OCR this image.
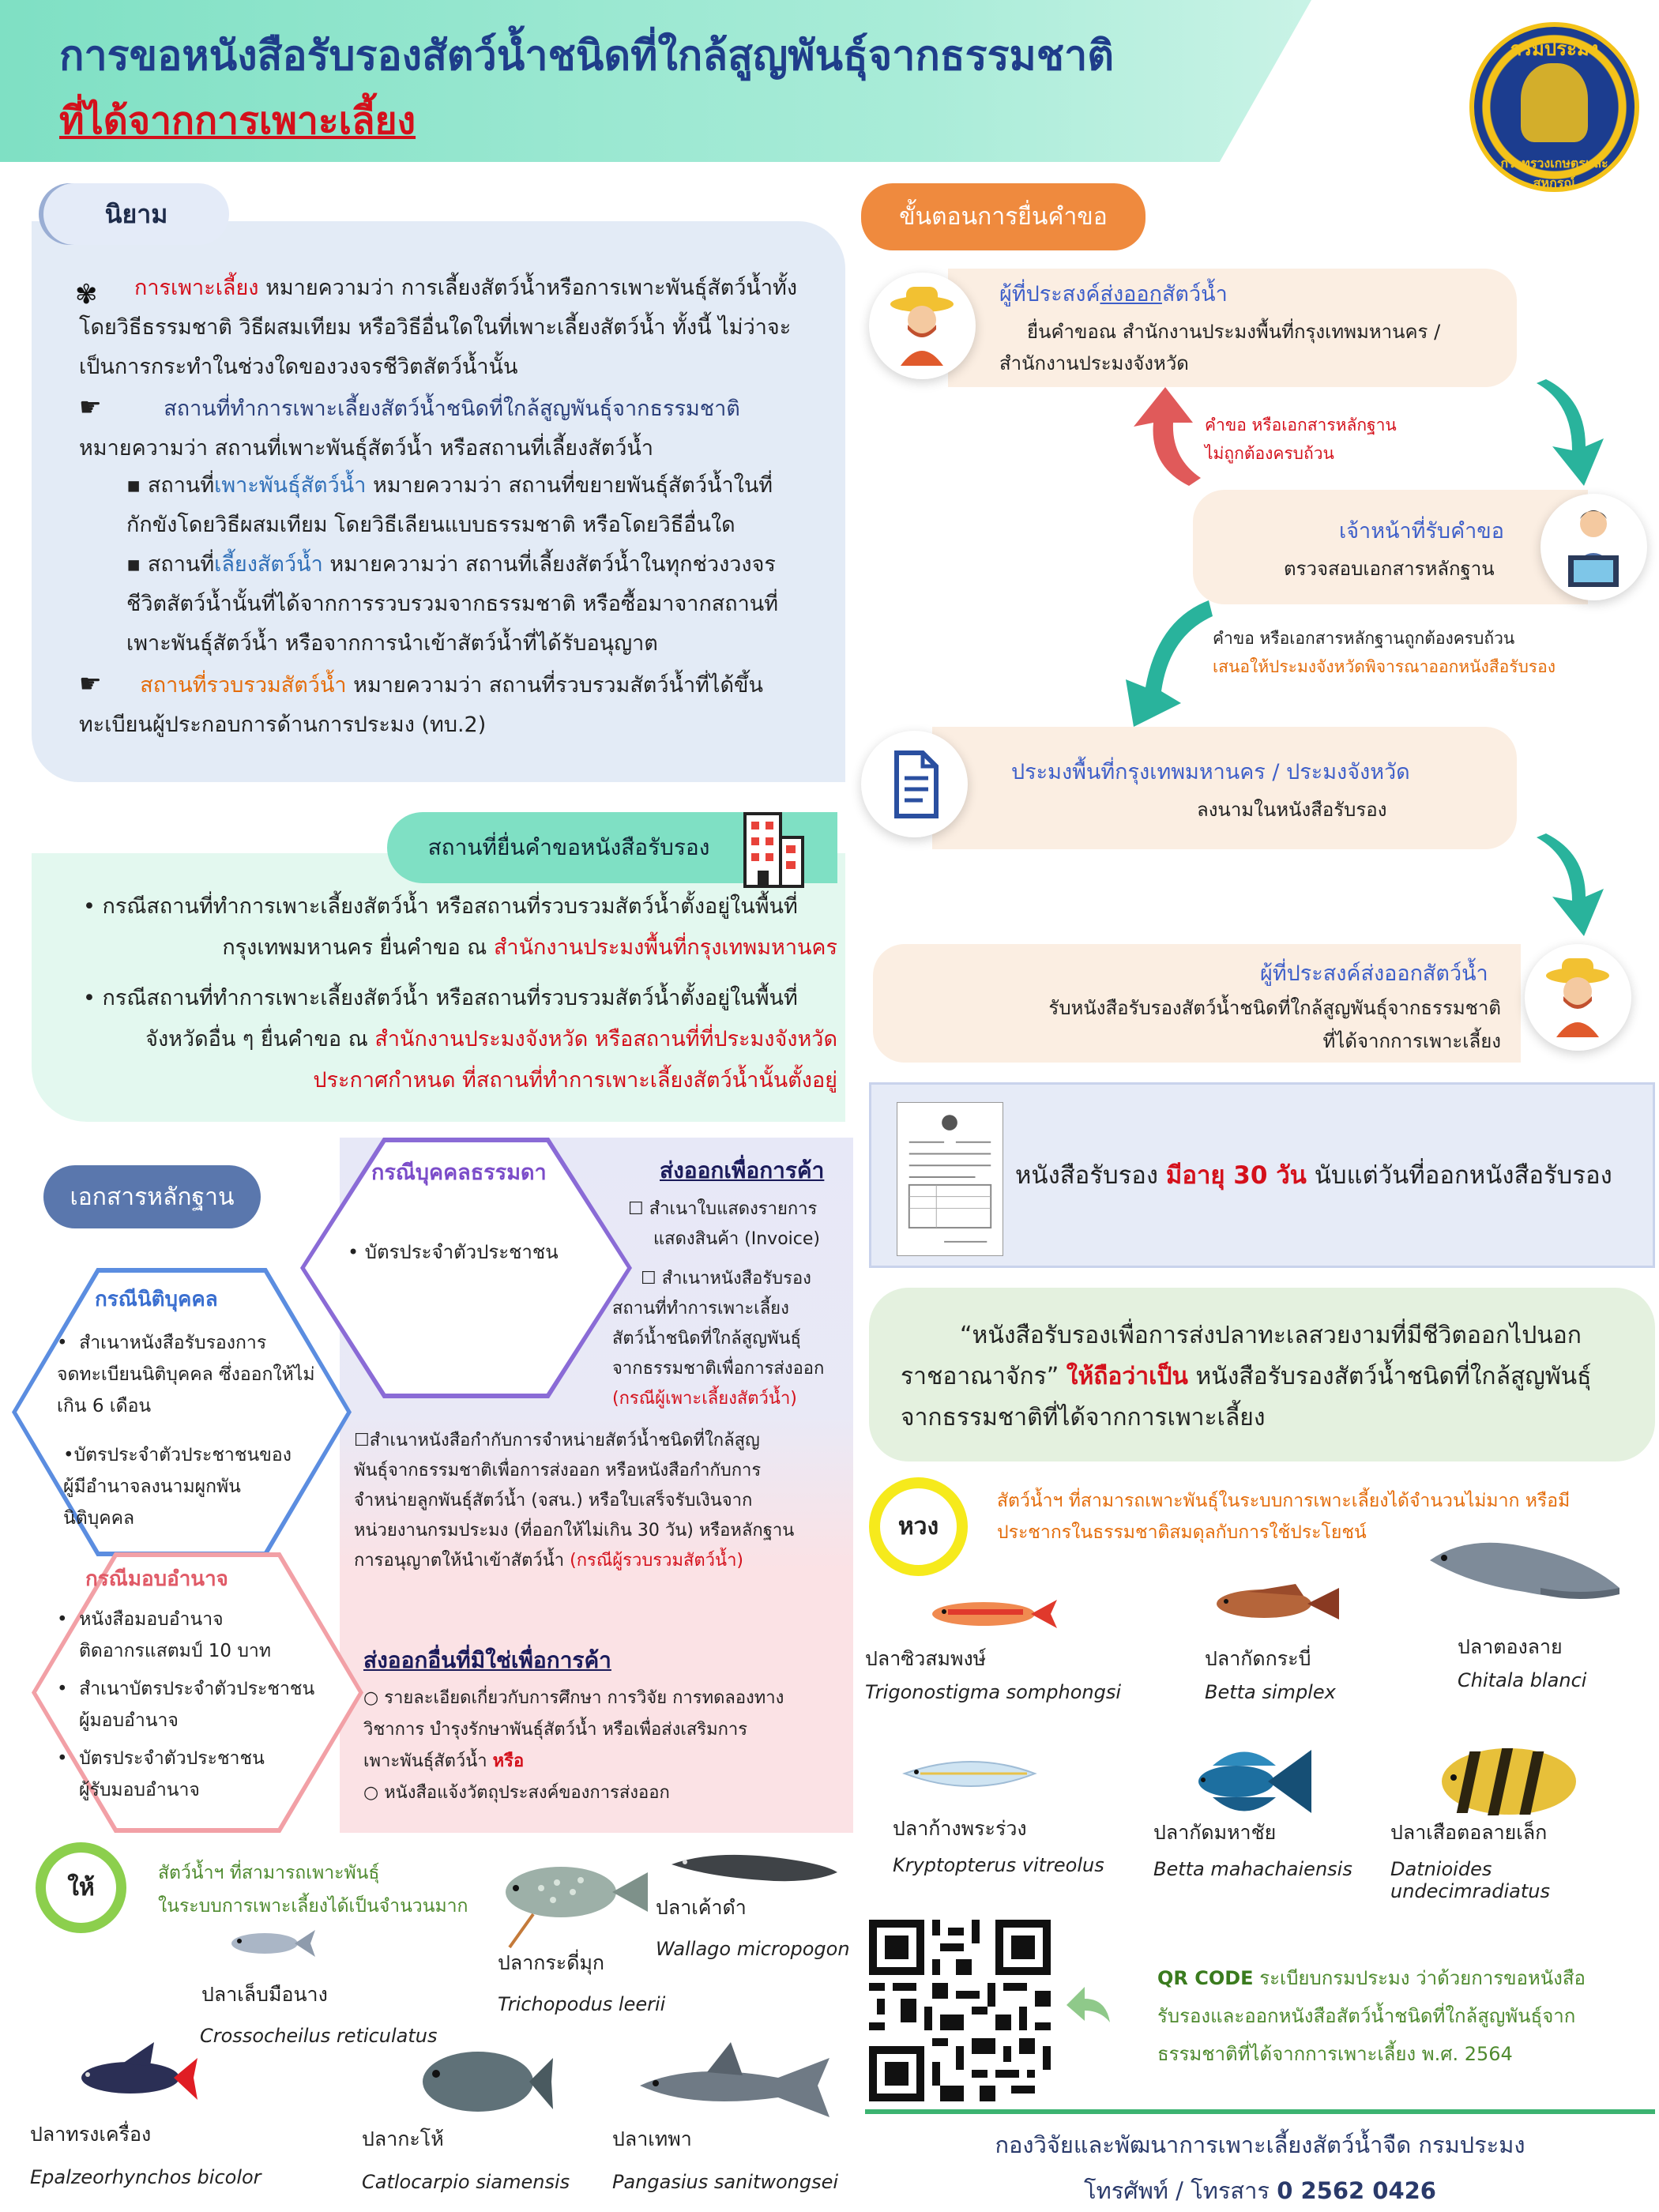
การขอหนังสือรับรองสัตว์น้ำชนิดที่ใกล้สูญพันธุ์จากธรรมชาติ
ที่ได้จากการเพาะเลี้ยง
กรมประมง
กระทรวงเกษตรและสหกรณ์
นิยาม
✾ การเพาะเลี้ยง หมายความว่า การเลี้ยงสัตว์น้ำหรือการเพาะพันธุ์สัตว์น้ำทั้ง
โดยวิธีธรรมชาติ วิธีผสมเทียม หรือวิธีอื่นใดในที่เพาะเลี้ยงสัตว์น้ำ ทั้งนี้ ไม่ว่าจะ
เป็นการกระทำในช่วงใดของวงจรชีวิตสัตว์น้ำนั้น
☛	สถานที่ทำการเพาะเลี้ยงสัตว์น้ำชนิดที่ใกล้สูญพันธุ์จากธรรมชาติ
หมายความว่า สถานที่เพาะพันธุ์สัตว์น้ำ หรือสถานที่เลี้ยงสัตว์น้ำ
▪ สถานที่เพาะพันธุ์สัตว์น้ำ หมายความว่า สถานที่ขยายพันธุ์สัตว์น้ำในที่
กักขังโดยวิธีผสมเทียม โดยวิธีเลียนแบบธรรมชาติ หรือโดยวิธีอื่นใด
▪ สถานที่เลี้ยงสัตว์น้ำ หมายความว่า สถานที่เลี้ยงสัตว์น้ำในทุกช่วงวงจร
ชีวิตสัตว์น้ำนั้นที่ได้จากการรวบรวมจากธรรมชาติ หรือซื้อมาจากสถานที่
เพาะพันธุ์สัตว์น้ำ หรือจากการนำเข้าสัตว์น้ำที่ได้รับอนุญาต
☛ สถานที่รวบรวมสัตว์น้ำ หมายความว่า สถานที่รวบรวมสัตว์น้ำที่ได้ขึ้น
ทะเบียนผู้ประกอบการด้านการประมง (ทบ.2)
สถานที่ยื่นคำขอหนังสือรับรอง
• กรณีสถานที่ทำการเพาะเลี้ยงสัตว์น้ำ หรือสถานที่รวบรวมสัตว์น้ำตั้งอยู่ในพื้นที่
กรุงเทพมหานคร ยื่นคำขอ ณ สำนักงานประมงพื้นที่กรุงเทพมหานคร
• กรณีสถานที่ทำการเพาะเลี้ยงสัตว์น้ำ หรือสถานที่รวบรวมสัตว์น้ำตั้งอยู่ในพื้นที่
จังหวัดอื่น ๆ ยื่นคำขอ ณ สำนักงานประมงจังหวัด หรือสถานที่ที่ประมงจังหวัด
ประกาศกำหนด ที่สถานที่ทำการเพาะเลี้ยงสัตว์น้ำนั้นตั้งอยู่
เอกสารหลักฐาน
กรณีบุคคลธรรมดา
• บัตรประจำตัวประชาชน
กรณีนิติบุคคล
• สำเนาหนังสือรับรองการ
จดทะเบียนนิติบุคคล ซึ่งออกให้ไม่
เกิน 6 เดือน
•บัตรประจำตัวประชาชนของ
ผู้มีอำนาจลงนามผูกพัน
นิติบุคคล
กรณีมอบอำนาจ
• หนังสือมอบอำนาจ
ติดอากรแสตมป์ 10 บาท
• สำเนาบัตรประจำตัวประชาชน
ผู้มอบอำนาจ
• บัตรประจำตัวประชาชน
ผู้รับมอบอำนาจ
ส่งออกเพื่อการค้า
☐ สำเนาใบแสดงรายการ
แสดงสินค้า (Invoice)
☐ สำเนาหนังสือรับรอง
สถานที่ทำการเพาะเลี้ยง
สัตว์น้ำชนิดที่ใกล้สูญพันธุ์
จากธรรมชาติเพื่อการส่งออก
(กรณีผู้เพาะเลี้ยงสัตว์น้ำ)
☐สำเนาหนังสือกำกับการจำหน่ายสัตว์น้ำชนิดที่ใกล้สูญ
พันธุ์จากธรรมชาติเพื่อการส่งออก หรือหนังสือกำกับการ
จำหน่ายลูกพันธุ์สัตว์น้ำ (จสน.) หรือใบเสร็จรับเงินจาก
หน่วยงานกรมประมง (ที่ออกให้ไม่เกิน 30 วัน) หรือหลักฐาน
การอนุญาตให้นำเข้าสัตว์น้ำ (กรณีผู้รวบรวมสัตว์น้ำ)
ส่งออกอื่นที่มิใช่เพื่อการค้า
○ รายละเอียดเกี่ยวกับการศึกษา การวิจัย การทดลองทาง
วิชาการ บำรุงรักษาพันธุ์สัตว์น้ำ หรือเพื่อส่งเสริมการ
เพาะพันธุ์สัตว์น้ำ หรือ
○ หนังสือแจ้งวัตถุประสงค์ของการส่งออก
ขั้นตอนการยื่นคำขอ
ผู้ที่ประสงค์ส่งออกสัตว์น้ำ
ยื่นคำขอณ สำนักงานประมงพื้นที่กรุงเทพมหานคร /
สำนักงานประมงจังหวัด
คำขอ หรือเอกสารหลักฐาน
ไม่ถูกต้องครบถ้วน
เจ้าหน้าที่รับคำขอ
ตรวจสอบเอกสารหลักฐาน
คำขอ หรือเอกสารหลักฐานถูกต้องครบถ้วน
เสนอให้ประมงจังหวัดพิจารณาออกหนังสือรับรอง
ประมงพื้นที่กรุงเทพมหานคร / ประมงจังหวัด
ลงนามในหนังสือรับรอง
ผู้ที่ประสงค์ส่งออกสัตว์น้ำ
รับหนังสือรับรองสัตว์น้ำชนิดที่ใกล้สูญพันธุ์จากธรรมชาติ
ที่ได้จากการเพาะเลี้ยง
หนังสือรับรอง มีอายุ 30 วัน นับแต่วันที่ออกหนังสือรับรอง
“หนังสือรับรองเพื่อการส่งปลาทะเลสวยงามที่มีชีวิตออกไปนอก
ราชอาณาจักร” ให้ถือว่าเป็น หนังสือรับรองสัตว์น้ำชนิดที่ใกล้สูญพันธุ์
จากธรรมชาติที่ได้จากการเพาะเลี้ยง
หวง
สัตว์น้ำฯ ที่สามารถเพาะพันธุ์ในระบบการเพาะเลี้ยงได้จำนวนไม่มาก หรือมี
ประชากรในธรรมชาติสมดุลกับการใช้ประโยชน์
ปลาซิวสมพงษ์
Trigonostigma somphongsi
ปลากัดกระบี่
Betta simplex
ปลาตองลาย
Chitala blanci
ปลาก้างพระร่วง
Kryptopterus vitreolus
ปลากัดมหาชัย
Betta mahachaiensis
ปลาเสือตอลายเล็ก
Datnioides undecimradiatus
ให้
สัตว์น้ำฯ ที่สามารถเพาะพันธุ์
ในระบบการเพาะเลี้ยงได้เป็นจำนวนมาก
ปลาเล็บมือนาง
Crossocheilus reticulatus
ปลากระดี่มุก
Trichopodus leerii
ปลาเค้าดำ
Wallago micropogon
ปลาทรงเครื่อง
Epalzeorhynchos bicolor
ปลากะโห้
Catlocarpio siamensis
ปลาเทพา
Pangasius sanitwongsei
QR CODE ระเบียบกรมประมง ว่าด้วยการขอหนังสือ
รับรองและออกหนังสือสัตว์น้ำชนิดที่ใกล้สูญพันธุ์จาก
ธรรมชาติที่ได้จากการเพาะเลี้ยง พ.ศ. 2564
กองวิจัยและพัฒนาการเพาะเลี้ยงสัตว์น้ำจืด กรมประมง
โทรศัพท์ / โทรสาร 0 2562 0426
